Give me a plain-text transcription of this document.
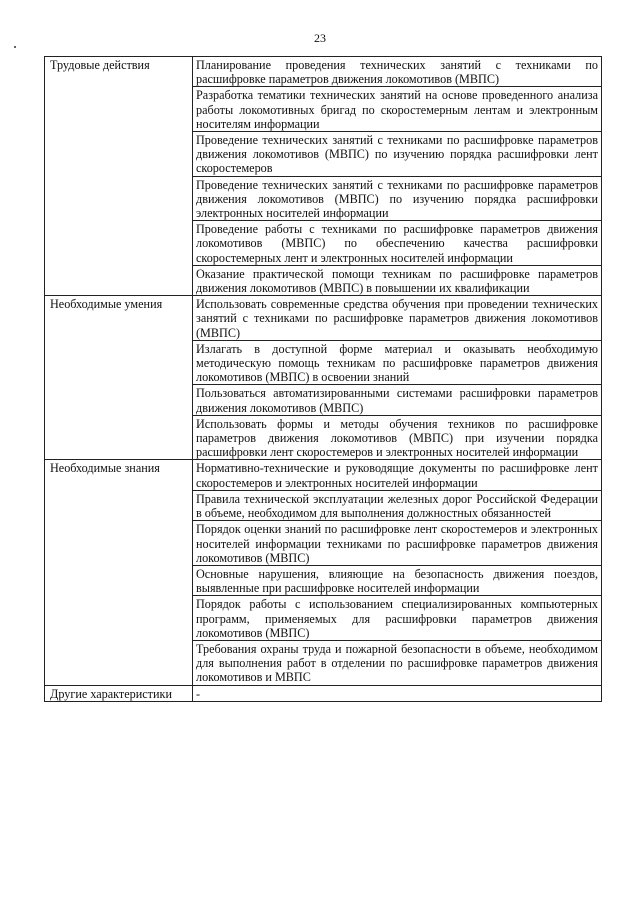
23
Трудовые действия	Планирование проведения технических занятий с техниками по расшифровке параметров движения локомотивов (МВПС)
	Разработка тематики технических занятий на основе проведенного анализа работы локомотивных бригад по скоростемерным лентам и электронным носителям информации
	Проведение технических занятий с техниками по расшифровке параметров движения локомотивов (МВПС) по изучению порядка расшифровки лент скоростемеров
	Проведение технических занятий с техниками по расшифровке параметров движения локомотивов (МВПС) по изучению порядка расшифровки электронных носителей информации
	Проведение работы с техниками по расшифровке параметров движения локомотивов (МВПС) по обеспечению качества расшифровки скоростемерных лент и электронных носителей информации
	Оказание практической помощи техникам по расшифровке параметров движения локомотивов (МВПС) в повышении их квалификации
Необходимые умения	Использовать современные средства обучения при проведении технических занятий с техниками по расшифровке параметров движения локомотивов (МВПС)
	Излагать в доступной форме материал и оказывать необходимую методическую помощь техникам по расшифровке параметров движения локомотивов (МВПС) в освоении знаний
	Пользоваться автоматизированными системами расшифровки параметров движения локомотивов (МВПС)
	Использовать формы и методы обучения техников по расшифровке параметров движения локомотивов (МВПС) при изучении порядка расшифровки лент скоростемеров и электронных носителей информации
Необходимые знания	Нормативно-технические и руководящие документы по расшифровке лент скоростемеров и электронных носителей информации
	Правила технической эксплуатации железных дорог Российской Федерации в объеме, необходимом для выполнения должностных обязанностей
	Порядок оценки знаний по расшифровке лент скоростемеров и электронных носителей информации техниками по расшифровке параметров движения локомотивов (МВПС)
	Основные нарушения, влияющие на безопасность движения поездов, выявленные при расшифровке носителей информации
	Порядок работы с использованием специализированных компьютерных программ, применяемых для расшифровки параметров движения локомотивов (МВПС)
	Требования охраны труда и пожарной безопасности в объеме, необходимом для выполнения работ в отделении по расшифровке параметров движения локомотивов и МВПС
Другие характеристики	-
